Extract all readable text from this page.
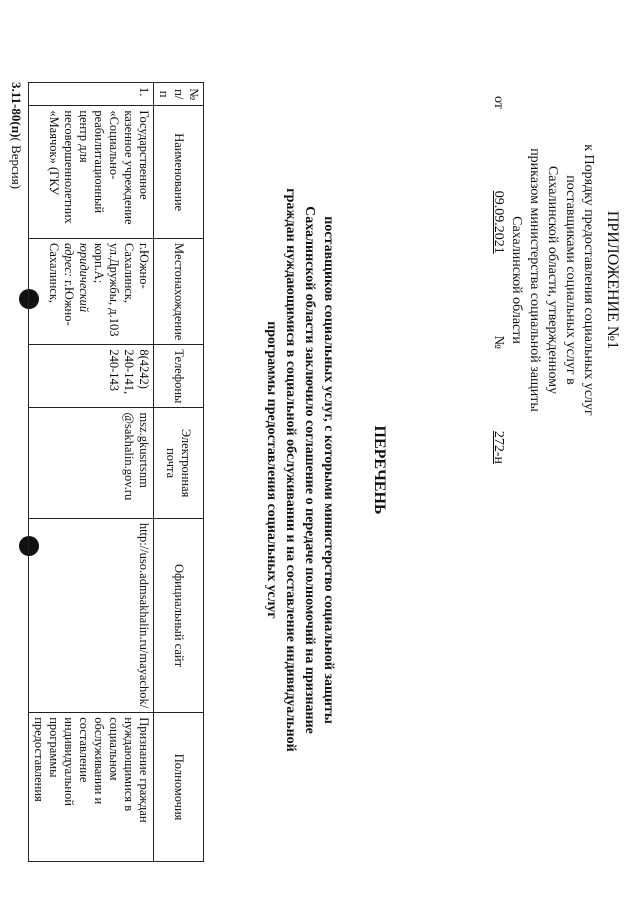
ПРИЛОЖЕНИЕ №1
к Порядку предоставления социальных услуг
поставщиками социальных услуг в
Сахалинской области, утвержденному
приказом министерства социальной защиты
Сахалинской области
от
09.09.2021
№
272-н
ПЕРЕЧЕНЬ
поставщиков социальных услуг, с которыми министерство социальной защиты
Сахалинской области заключило соглашение о передаче полномочий на признание
граждан нуждающимися в социальной обслуживании и на составление индивидуальной
программы предоставления социальных услуг
№ п/п	Наименование	Местонахождение	Телефоны	Электронная почта	Официальный сайт	Полномочия
1.	Государственное казенное учреждение «Социально-реабилитационный центр для несовершеннолетних «Маячок» (ГКУ	г.Южно-Сахалинск, ул.Дружбы, д.103 корп.А; юридический адрес: г.Южно-Сахалинск,	8(4242) 240-141, 240-143	msz.gkusrtsnm @sakhalin.gov.ru	http://uso.admsakhalin.ru/mayachok/	Признание граждан нуждающимися в социальном обслуживании и составление индивидуальной программы предоставления
3.11-80(п)( Версия)
